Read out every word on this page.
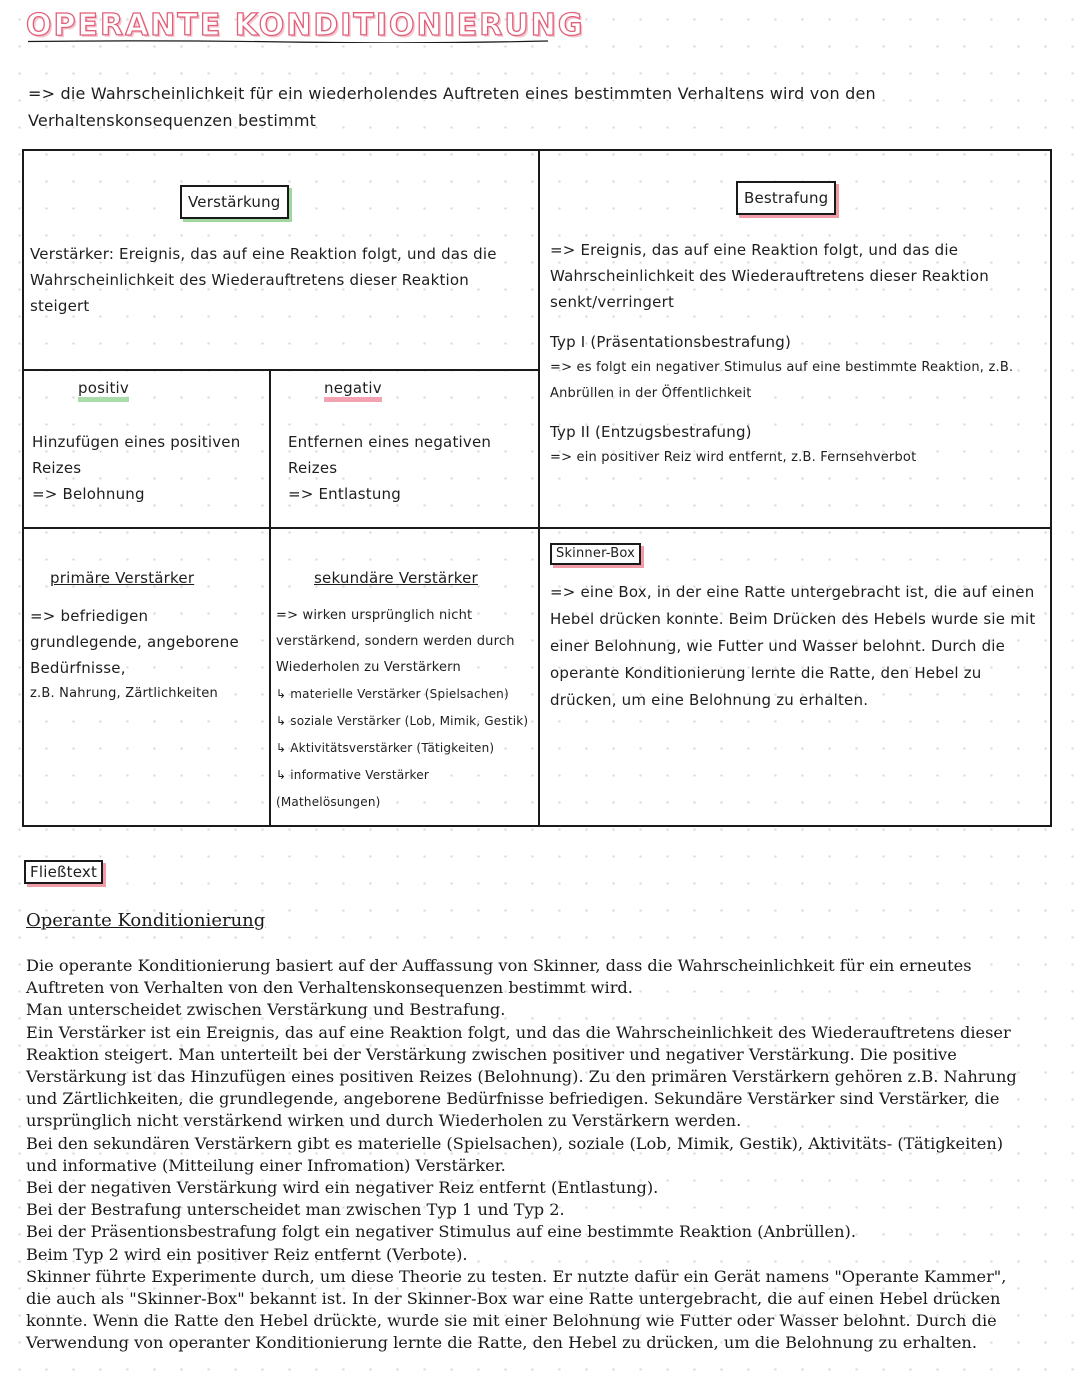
OPERANTE KONDITIONIERUNG
=> die Wahrscheinlichkeit für ein wiederholendes Auftreten eines bestimmten Verhaltens wird von den Verhaltenskonsequenzen bestimmt
Verstärkung
Verstärker: Ereignis, das auf eine Reaktion folgt, und das die Wahrscheinlichkeit des Wiederauftretens dieser Reaktion steigert
positiv
Hinzufügen eines positiven Reizes
=> Belohnung
negativ
Entfernen eines negativen Reizes
=> Entlastung
primäre Verstärker
=> befriedigen grundlegende, angeborene Bedürfnisse,
z.B. Nahrung, Zärtlichkeiten
sekundäre Verstärker
=> wirken ursprünglich nicht verstärkend, sondern werden durch Wiederholen zu Verstärkern
↳ materielle Verstärker (Spielsachen)
↳ soziale Verstärker (Lob, Mimik, Gestik)
↳ Aktivitätsverstärker (Tätigkeiten)
↳ informative Verstärker (Mathelösungen)
Bestrafung
=> Ereignis, das auf eine Reaktion folgt, und das die Wahrscheinlichkeit des Wiederauftretens dieser Reaktion senkt/verringert
Typ I (Präsentationsbestrafung)
=> es folgt ein negativer Stimulus auf eine bestimmte Reaktion, z.B. Anbrüllen in der Öffentlichkeit
Typ II (Entzugsbestrafung)
=> ein positiver Reiz wird entfernt, z.B. Fernsehverbot
Skinner-Box
=> eine Box, in der eine Ratte untergebracht ist, die auf einen Hebel drücken konnte. Beim Drücken des Hebels wurde sie mit einer Belohnung, wie Futter und Wasser belohnt. Durch die operante Konditionierung lernte die Ratte, den Hebel zu drücken, um eine Belohnung zu erhalten.
Fließtext
Operante Konditionierung

Die operante Konditionierung basiert auf der Auffassung von Skinner, dass die Wahrscheinlichkeit für ein erneutes Auftreten von Verhalten von den Verhaltenskonsequenzen bestimmt wird.

Man unterscheidet zwischen Verstärkung und Bestrafung.

Ein Verstärker ist ein Ereignis, das auf eine Reaktion folgt, und das die Wahrscheinlichkeit des Wiederauftretens dieser Reaktion steigert. Man unterteilt bei der Verstärkung zwischen positiver und negativer Verstärkung. Die positive Verstärkung ist das Hinzufügen eines positiven Reizes (Belohnung). Zu den primären Verstärkern gehören z.B. Nahrung und Zärtlichkeiten, die grundlegende, angeborene Bedürfnisse befriedigen. Sekundäre Verstärker sind Verstärker, die ursprünglich nicht verstärkend wirken und durch Wiederholen zu Verstärkern werden.

Bei den sekundären Verstärkern gibt es materielle (Spielsachen), soziale (Lob, Mimik, Gestik), Aktivitäts- (Tätigkeiten) und informative (Mitteilung einer Infromation) Verstärker.

Bei der negativen Verstärkung wird ein negativer Reiz entfernt (Entlastung).

Bei der Bestrafung unterscheidet man zwischen Typ 1 und Typ 2.

Bei der Präsentionsbestrafung folgt ein negativer Stimulus auf eine bestimmte Reaktion (Anbrüllen).

Beim Typ 2 wird ein positiver Reiz entfernt (Verbote).

Skinner führte Experimente durch, um diese Theorie zu testen. Er nutzte dafür ein Gerät namens "Operante Kammer", die auch als "Skinner-Box" bekannt ist. In der Skinner-Box war eine Ratte untergebracht, die auf einen Hebel drücken konnte. Wenn die Ratte den Hebel drückte, wurde sie mit einer Belohnung wie Futter oder Wasser belohnt. Durch die Verwendung von operanter Konditionierung lernte die Ratte, den Hebel zu drücken, um die Belohnung zu erhalten.
